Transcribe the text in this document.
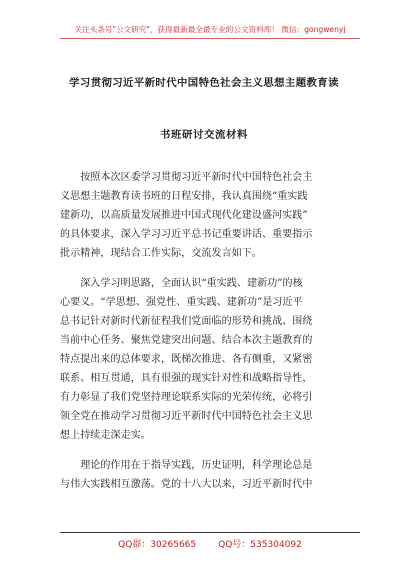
关注头条号"公文研究"，获得最新最全最专业的公文资料库！ 微信：gongwenyj
学习贯彻习近平新时代中国特色社会主义思想主题教育读
书班研讨交流材料
　　按照本次区委学习贯彻习近平新时代中国特色社会主
义思想主题教育读书班的日程安排，我认真围绕“重实践
建新功，以高质量发展推进中国式现代化建设盛河实践”
的具体要求，深入学习习近平总书记重要讲话、重要指示
批示精神，现结合工作实际，交流发言如下。
　　深入学习明思路，全面认识“重实践、建新功”的核
心要义。“学思想、强党性、重实践、建新功”是习近平
总书记针对新时代新征程我们党面临的形势和挑战、围绕
当前中心任务、聚焦党建突出问题、结合本次主题教育的
特点提出来的总体要求，既梯次推进、各有侧重，又紧密
联系、相互贯通，具有很强的现实针对性和战略指导性，
有力彰显了我们党坚持理论联系实际的光荣传统，必将引
领全党在推动学习贯彻习近平新时代中国特色社会主义思
想上持续走深走实。
　　理论的作用在于指导实践，历史证明，科学理论总是
与伟大实践相互激荡。党的十八大以来，习近平新时代中
QQ群：30265665 QQ号：535304092
